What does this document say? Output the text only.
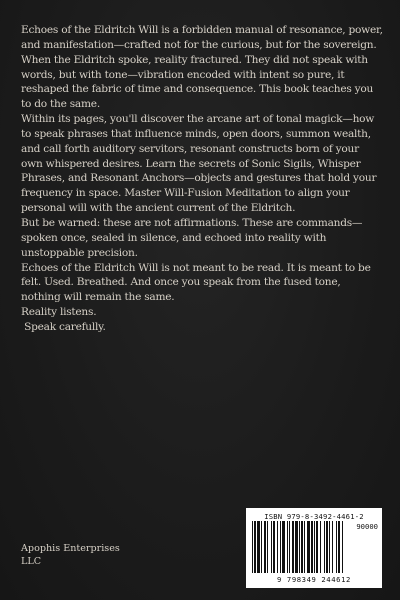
Echoes of the Eldritch Will is a forbidden manual of resonance, power, and manifestation—crafted not for the curious, but for the sovereign. When the Eldritch spoke, reality fractured. They did not speak with words, but with tone—vibration encoded with intent so pure, it reshaped the fabric of time and consequence. This book teaches you to do the same.

Within its pages, you'll discover the arcane art of tonal magick—how to speak phrases that influence minds, open doors, summon wealth, and call forth auditory servitors, resonant constructs born of your own whispered desires. Learn the secrets of Sonic Sigils, Whisper Phrases, and Resonant Anchors—objects and gestures that hold your frequency in space. Master Will-Fusion Meditation to align your personal will with the ancient current of the Eldritch.

But be warned: these are not affirmations. These are commands—spoken once, sealed in silence, and echoed into reality with unstoppable precision.

Echoes of the Eldritch Will is not meant to be read. It is meant to be felt. Used. Breathed. And once you speak from the fused tone, nothing will remain the same.

Reality listens.

Speak carefully.

Apophis Enterprises
LLC
ISBN 979-8-3492-4461-2
90000
9 798349 244612
